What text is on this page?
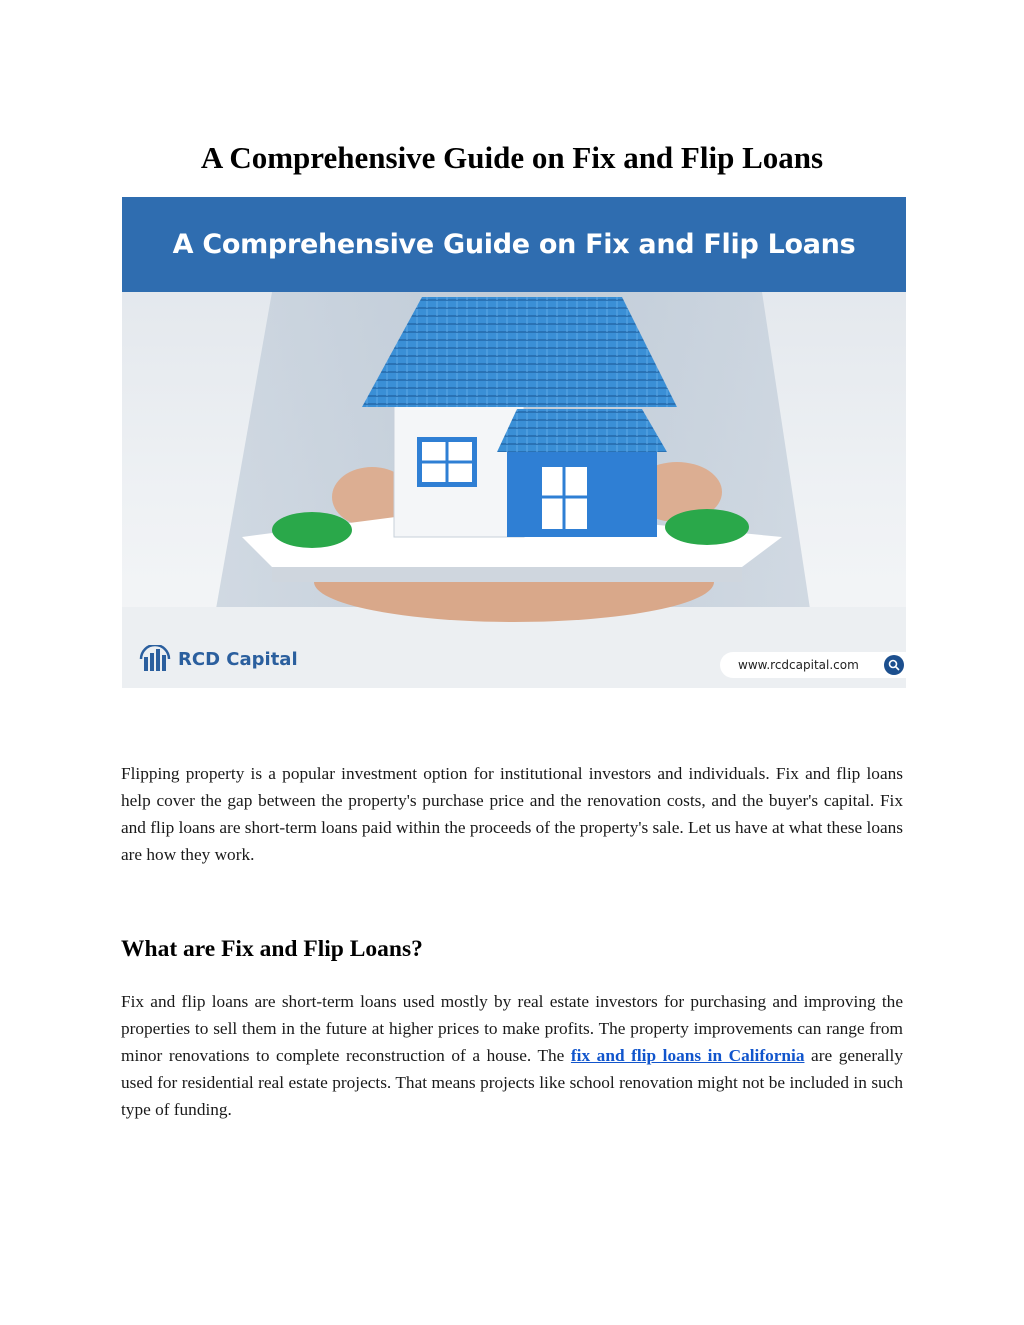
A Comprehensive Guide on Fix and Flip Loans
A Comprehensive Guide on Fix and Flip Loans
RCD Capital	www.rcdcapital.com

Flipping property is a popular investment option for institutional investors and individuals. Fix and flip loans help cover the gap between the property's purchase price and the renovation costs, and the buyer's capital. Fix and flip loans are short-term loans paid within the proceeds of the property's sale. Let us have at what these loans are how they work.

What are Fix and Flip Loans?

Fix and flip loans are short-term loans used mostly by real estate investors for purchasing and improving the properties to sell them in the future at higher prices to make profits. The property improvements can range from minor renovations to complete reconstruction of a house. The fix and flip loans in California are generally used for residential real estate projects. That means projects like school renovation might not be included in such type of funding.
